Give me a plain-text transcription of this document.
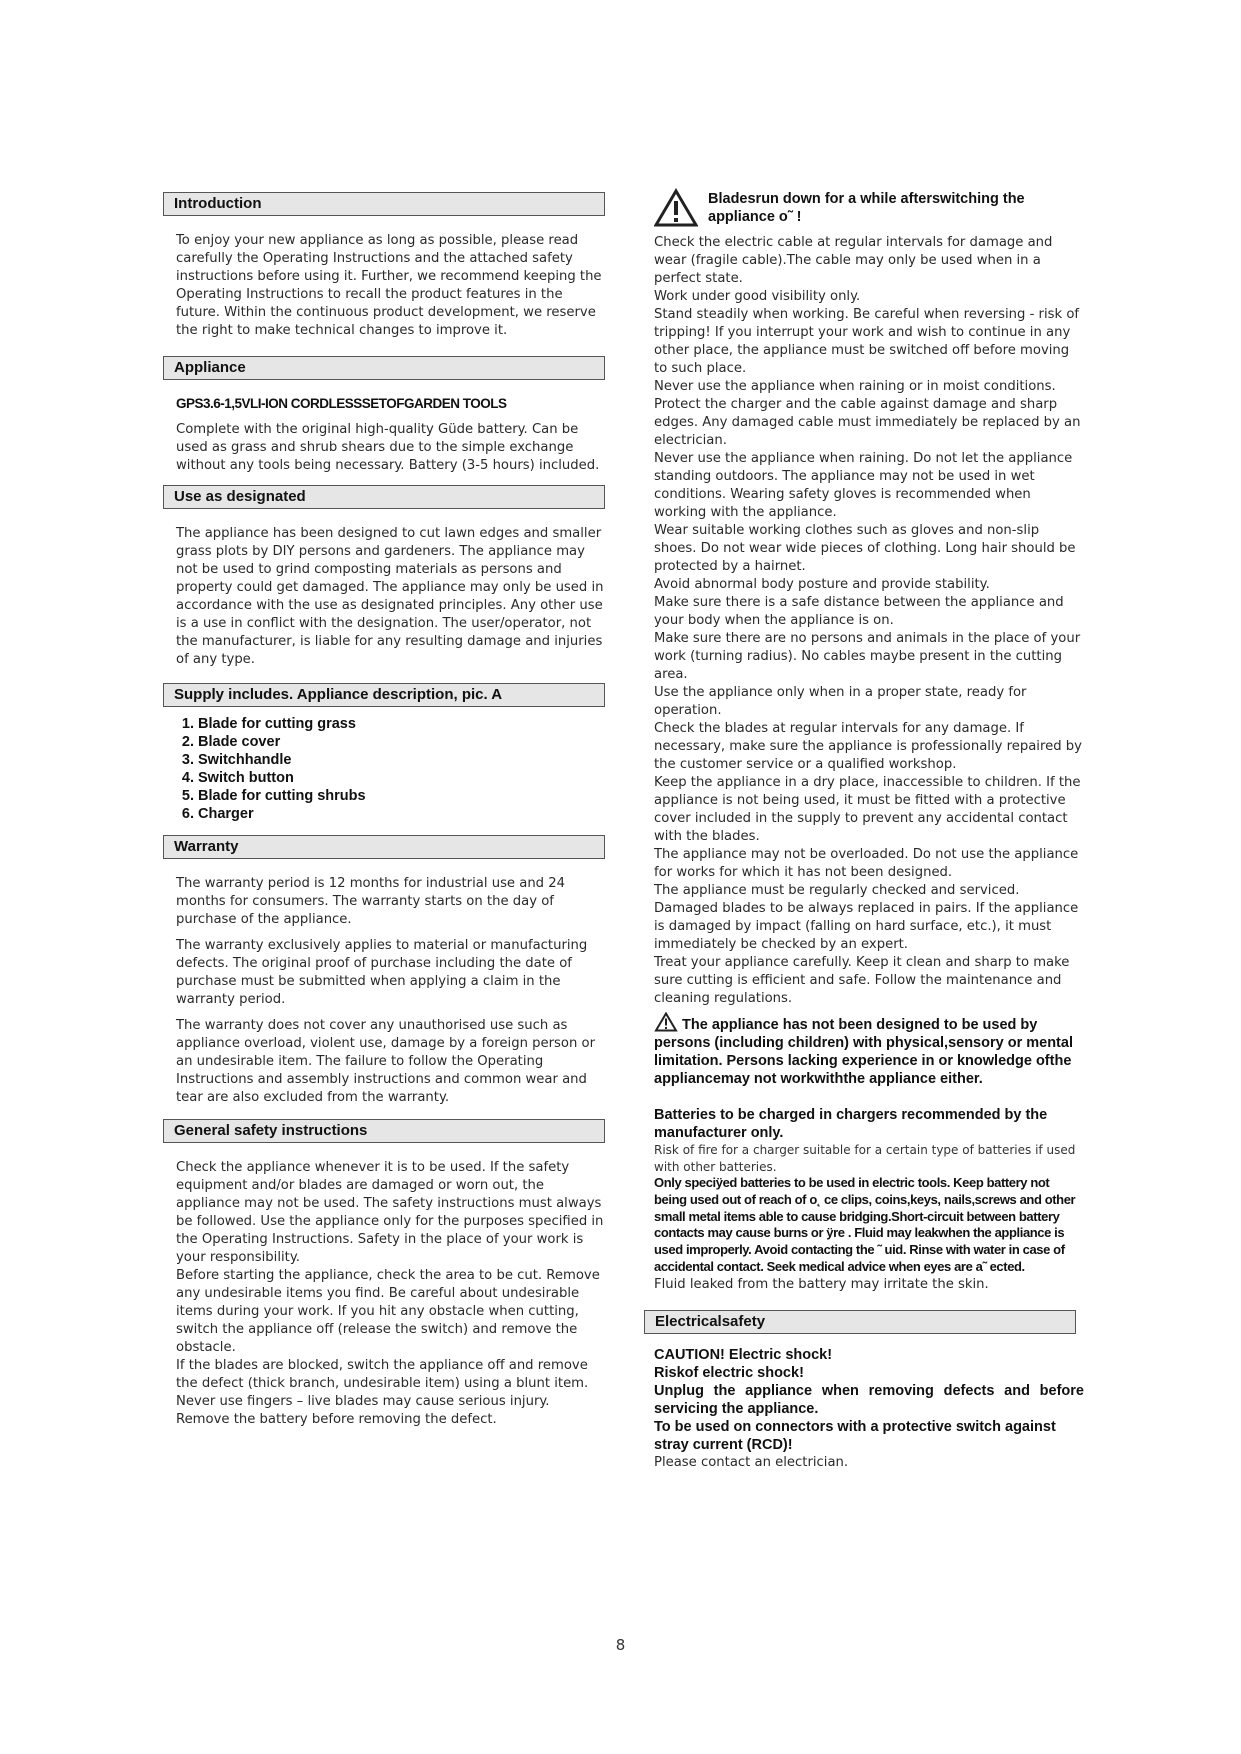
Introduction

To enjoy your new appliance as long as possible, please read carefully the Operating Instructions and the attached safety instructions before using it. Further, we recommend keeping the Operating Instructions to recall the product features in the future. Within the continuous product development, we reserve the right to make technical changes to improve it.

Appliance
GPS3.6-1,5VLI-ION CORDLESSSETOFGARDEN TOOLS

Complete with the original high-quality Güde battery. Can be used as grass and shrub shears due to the simple exchange without any tools being necessary. Battery (3-5 hours) included.

Use as designated

The appliance has been designed to cut lawn edges and smaller grass plots by DIY persons and gardeners. The appliance may not be used to grind composting materials as persons and property could get damaged. The appliance may only be used in accordance with the use as designated principles. Any other use is a use in conflict with the designation. The user/operator, not the manufacturer, is liable for any resulting damage and injuries of any type.

Supply includes. Appliance description, pic. A
1. Blade for cutting grass
2. Blade cover
3. Switchhandle
4. Switch button
5. Blade for cutting shrubs
6. Charger
Warranty

The warranty period is 12 months for industrial use and 24 months for consumers. The warranty starts on the day of purchase of the appliance.

The warranty exclusively applies to material or manufacturing defects. The original proof of purchase including the date of purchase must be submitted when applying a claim in the warranty period.

The warranty does not cover any unauthorised use such as appliance overload, violent use, damage by a foreign person or an undesirable item. The failure to follow the Operating Instructions and assembly instructions and common wear and tear are also excluded from the warranty.

General safety instructions

Check the appliance whenever it is to be used. If the safety equipment and/or blades are damaged or worn out, the appliance may not be used. The safety instructions must always be followed. Use the appliance only for the purposes specified in the Operating Instructions. Safety in the place of your work is your responsibility.

Before starting the appliance, check the area to be cut. Remove any undesirable items you find. Be careful about undesirable items during your work. If you hit any obstacle when cutting, switch the appliance off (release the switch) and remove the obstacle.

If the blades are blocked, switch the appliance off and remove the defect (thick branch, undesirable item) using a blunt item. Never use fingers – live blades may cause serious injury. Remove the battery before removing the defect.

Bladesrun down for a while afterswitching the appliance o˜ !

Check the electric cable at regular intervals for damage and wear (fragile cable).The cable may only be used when in a perfect state.

Work under good visibility only.

Stand steadily when working. Be careful when reversing - risk of tripping! If you interrupt your work and wish to continue in any other place, the appliance must be switched off before moving to such place.

Never use the appliance when raining or in moist conditions.

Protect the charger and the cable against damage and sharp edges. Any damaged cable must immediately be replaced by an electrician.

Never use the appliance when raining. Do not let the appliance standing outdoors. The appliance may not be used in wet conditions. Wearing safety gloves is recommended when working with the appliance.

Wear suitable working clothes such as gloves and non-slip shoes. Do not wear wide pieces of clothing. Long hair should be protected by a hairnet.

Avoid abnormal body posture and provide stability.

Make sure there is a safe distance between the appliance and your body when the appliance is on.

Make sure there are no persons and animals in the place of your work (turning radius). No cables maybe present in the cutting area.

Use the appliance only when in a proper state, ready for operation.

Check the blades at regular intervals for any damage. If necessary, make sure the appliance is professionally repaired by the customer service or a qualified workshop.

Keep the appliance in a dry place, inaccessible to children. If the appliance is not being used, it must be fitted with a protective cover included in the supply to prevent any accidental contact with the blades.

The appliance may not be overloaded. Do not use the appliance for works for which it has not been designed.

The appliance must be regularly checked and serviced. Damaged blades to be always replaced in pairs. If the appliance is damaged by impact (falling on hard surface, etc.), it must immediately be checked by an expert.

Treat your appliance carefully. Keep it clean and sharp to make sure cutting is efficient and safe. Follow the maintenance and cleaning regulations.

The appliance has not been designed to be used by persons (including children) with physical,sensory or mental limitation. Persons lacking experience in or knowledge ofthe appliancemay not workwiththe appliance either.
Batteries to be charged in chargers recommended by the manufacturer only.
Risk of fire for a charger suitable for a certain type of batteries if used with other batteries.
Only speciÿed batteries to be used in electric tools. Keep battery not being used out of reach of o˛ ce clips, coins,keys, nails,screws and other small metal items able to cause bridging.Short-circuit between battery contacts may cause burns or ÿre . Fluid may leakwhen the appliance is used improperly. Avoid contacting the ˜ uid. Rinse with water in case of accidental contact. Seek medical advice when eyes are a˜ ected.
Fluid leaked from the battery may irritate the skin.
Electricalsafety
CAUTION! Electric shock!
Riskof electric shock!
Unplug the appliance when removing defects and before servicing the appliance.
To be used on connectors with a protective switch against stray current (RCD)!
Please contact an electrician.
8
